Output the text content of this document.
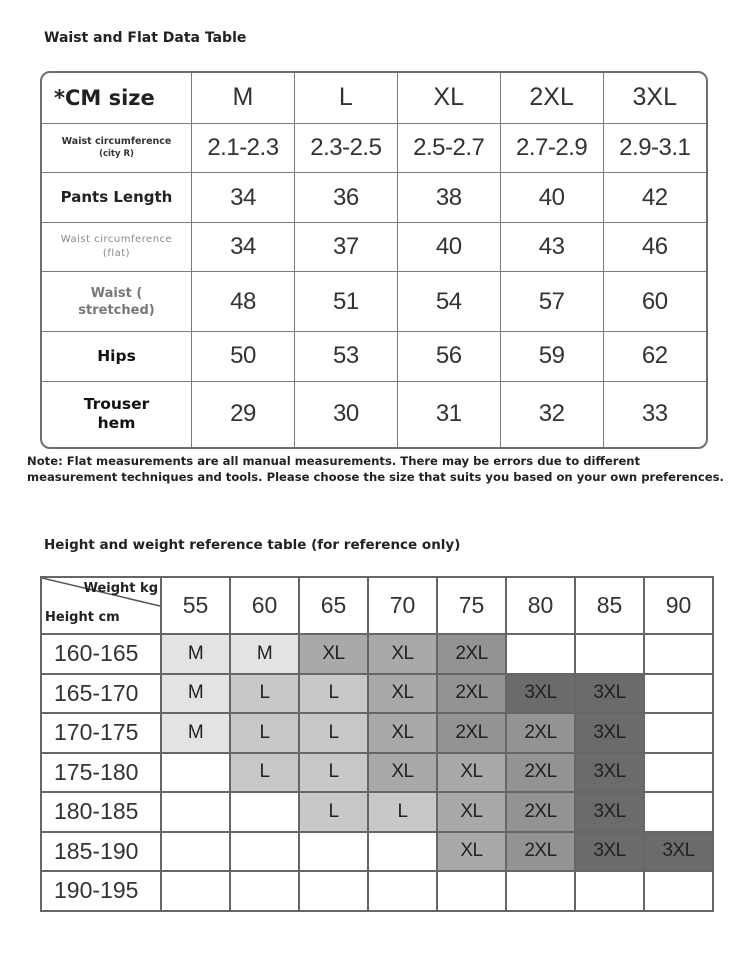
Waist and Flat Data Table
*CM size	M	L	XL	2XL	3XL
Waist circumference
(city R)	2.1-2.3	2.3-2.5	2.5-2.7	2.7-2.9	2.9-3.1
Pants Length	34	36	38	40	42
Waist circumference
(flat)	34	37	40	43	46
Waist (
stretched)	48	51	54	57	60
Hips	50	53	56	59	62
Trouser
hem	29	30	31	32	33
Note: Flat measurements are all manual measurements. There may be errors due to different measurement techniques and tools. Please choose the size that suits you based on your own preferences.
Height and weight reference table (for reference only)
Weight kg
Height cm	55	60	65	70	75	80	85	90
160-165	M	M	XL	XL	2XL			
165-170	M	L	L	XL	2XL	3XL	3XL	
170-175	M	L	L	XL	2XL	2XL	3XL	
175-180		L	L	XL	XL	2XL	3XL	
180-185			L	L	XL	2XL	3XL	
185-190					XL	2XL	3XL	3XL
190-195								
